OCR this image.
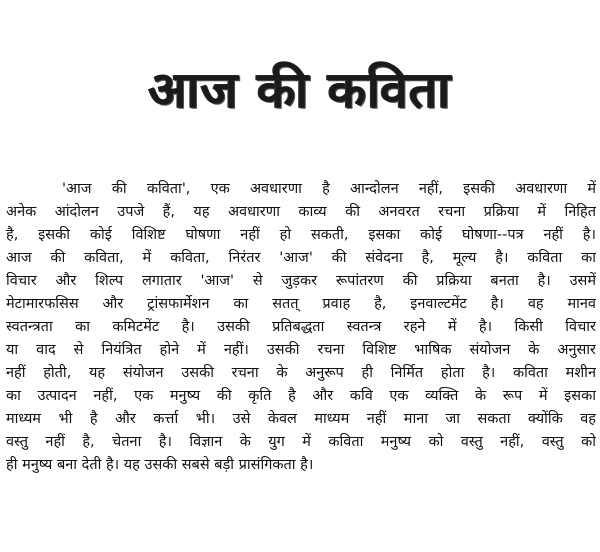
आज की कविता
'आज की कविता', एक अवधारणा है आन्दोलन नहीं, इसकी अवधारणा में
अनेक आंदोलन उपजे हैं, यह अवधारणा काव्य की अनवरत रचना प्रक्रिया में निहित
है, इसकी कोई विशिष्ट घोषणा नहीं हो सकती, इसका कोई घोषणा--पत्र नहीं है।
आज की कविता, में कविता, निरंतर 'आज' की संवेदना है, मूल्य है। कविता का
विचार और शिल्प लगातार 'आज' से जुड़कर रूपांतरण की प्रक्रिया बनता है। उसमें
मेटामारफसिस और ट्रांसफार्मेशन का सतत् प्रवाह है, इनवाल्टमेंट है। वह मानव
स्वतन्त्रता का कमिटमेंट है। उसकी प्रतिबद्धता स्वतन्त्र रहने में है। किसी विचार
या वाद से नियंत्रित होने में नहीं। उसकी रचना विशिष्ट भाषिक संयोजन के अनुसार
नहीं होती, यह संयोजन उसकी रचना के अनुरूप ही निर्मित होता है। कविता मशीन
का उत्पादन नहीं, एक मनुष्य की कृति है और कवि एक व्यक्ति के रूप में इसका
माध्यम भी है और कर्त्ता भी। उसे केवल माध्यम नहीं माना जा सकता क्योंकि वह
वस्तु नहीं है, चेतना है। विज्ञान के युग में कविता मनुष्य को वस्तु नहीं, वस्तु को
ही मनुष्य बना देती है। यह उसकी सबसे बड़ी प्रासंगिकता है।
